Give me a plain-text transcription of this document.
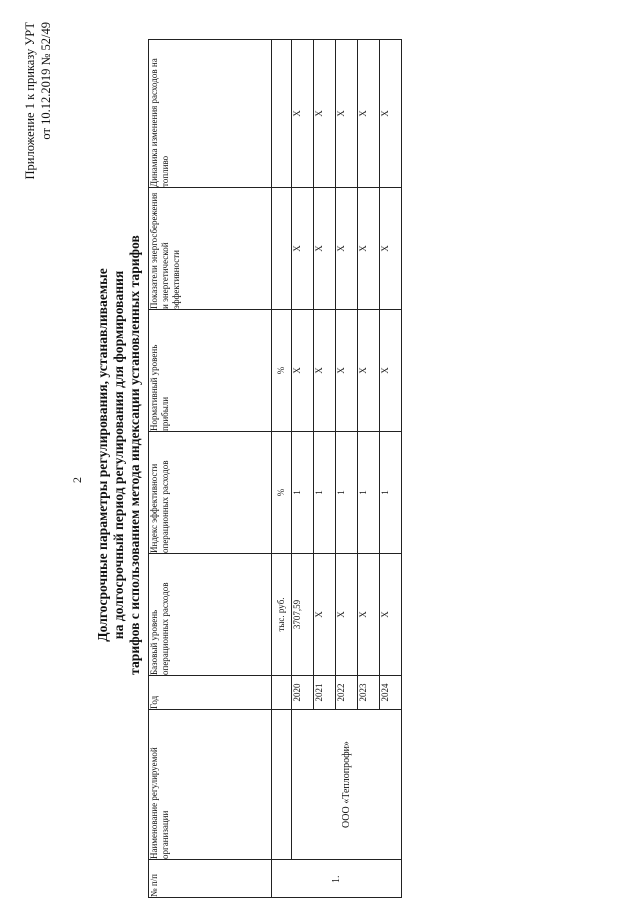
2
Приложение 1 к приказу УРТ от 10.12.2019 № 52/49
Долгосрочные параметры регулирования, устанавливаемые на долгосрочный период регулирования для формирования тарифов с использованием метода индексации установленных тарифов
№ п/п	Наименование регулируемой организации	Год	Базовый уровень операционных расходов	Индекс эффективности операционных расходов	Нормативный уровень прибыли	Показатели энергосбережения и энергетической эффективности	Динамика изменения расходов на топливо
1.			тыс. руб.	%	%		
	ООО «Теплопрофи»	2020	3707,59	1	Х	Х	Х
		2021	Х	1	Х	Х	Х
		2022	Х	1	Х	Х	Х
		2023	Х	1	Х	Х	Х
		2024	Х	1	Х	Х	Х
